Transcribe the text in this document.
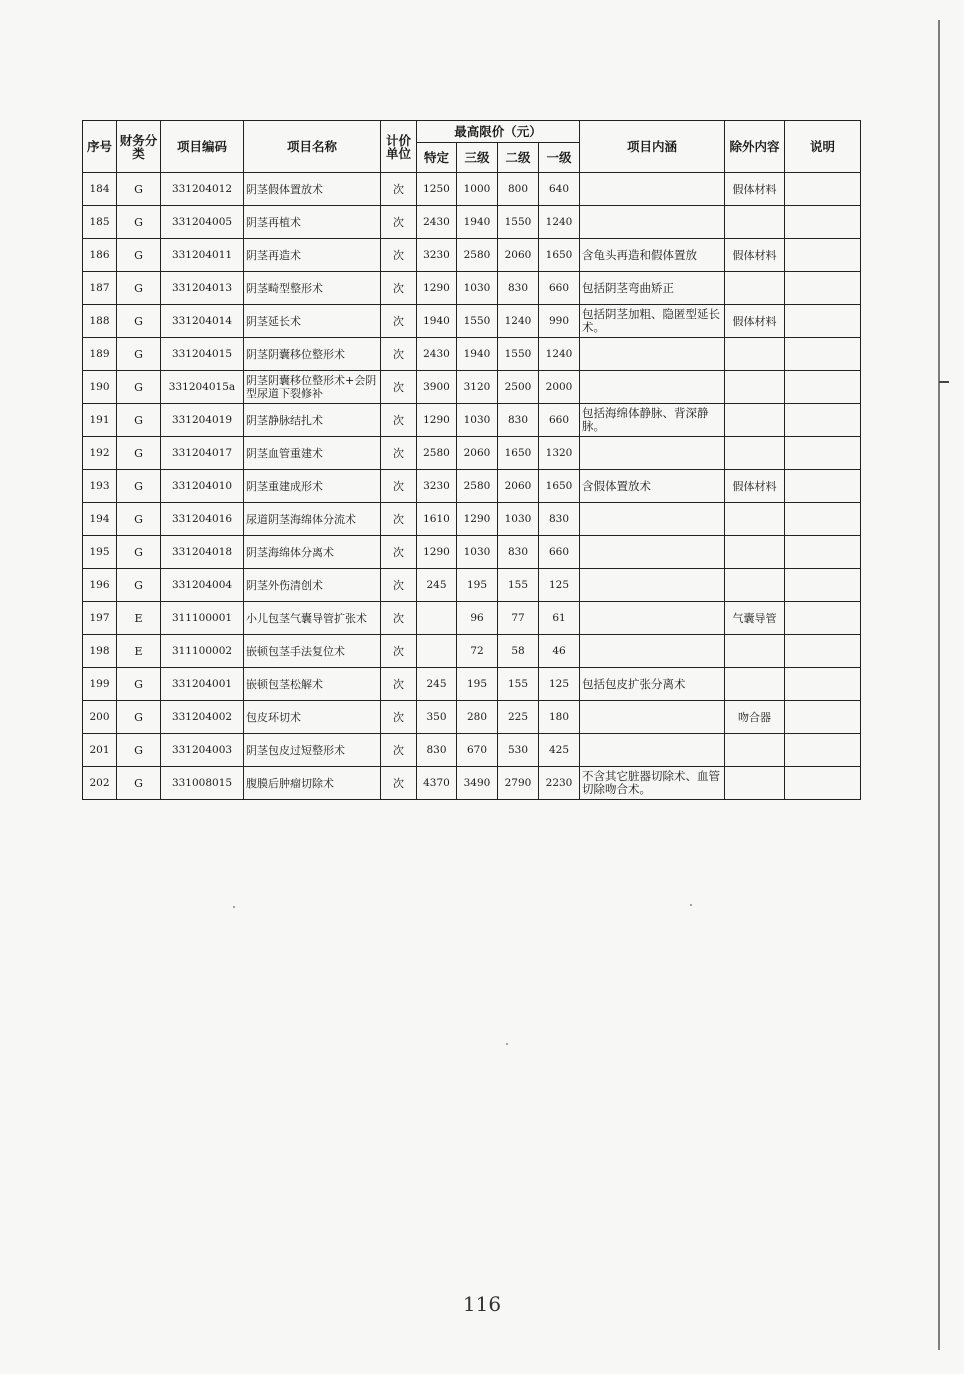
序号	财务分类	项目编码	项目名称	计价单位	最高限价（元）				项目内涵	除外内容	说明
					特定	三级	二级	一级			
184	G	331204012	阴茎假体置放术	次	1250	1000	800	640		假体材料	
185	G	331204005	阴茎再植术	次	2430	1940	1550	1240			
186	G	331204011	阴茎再造术	次	3230	2580	2060	1650	含龟头再造和假体置放	假体材料	
187	G	331204013	阴茎畸型整形术	次	1290	1030	830	660	包括阴茎弯曲矫正		
188	G	331204014	阴茎延长术	次	1940	1550	1240	990	包括阴茎加粗、隐匿型延长术。	假体材料	
189	G	331204015	阴茎阴囊移位整形术	次	2430	1940	1550	1240			
190	G	331204015a	阴茎阴囊移位整形术+会阴型尿道下裂修补	次	3900	3120	2500	2000			
191	G	331204019	阴茎静脉结扎术	次	1290	1030	830	660	包括海绵体静脉、背深静脉。		
192	G	331204017	阴茎血管重建术	次	2580	2060	1650	1320			
193	G	331204010	阴茎重建成形术	次	3230	2580	2060	1650	含假体置放术	假体材料	
194	G	331204016	尿道阴茎海绵体分流术	次	1610	1290	1030	830			
195	G	331204018	阴茎海绵体分离术	次	1290	1030	830	660			
196	G	331204004	阴茎外伤清创术	次	245	195	155	125			
197	E	311100001	小儿包茎气囊导管扩张术	次		96	77	61		气囊导管	
198	E	311100002	嵌顿包茎手法复位术	次		72	58	46			
199	G	331204001	嵌顿包茎松解术	次	245	195	155	125	包括包皮扩张分离术		
200	G	331204002	包皮环切术	次	350	280	225	180		吻合器	
201	G	331204003	阴茎包皮过短整形术	次	830	670	530	425			
202	G	331008015	腹膜后肿瘤切除术	次	4370	3490	2790	2230	不含其它脏器切除术、血管切除吻合术。		
116
